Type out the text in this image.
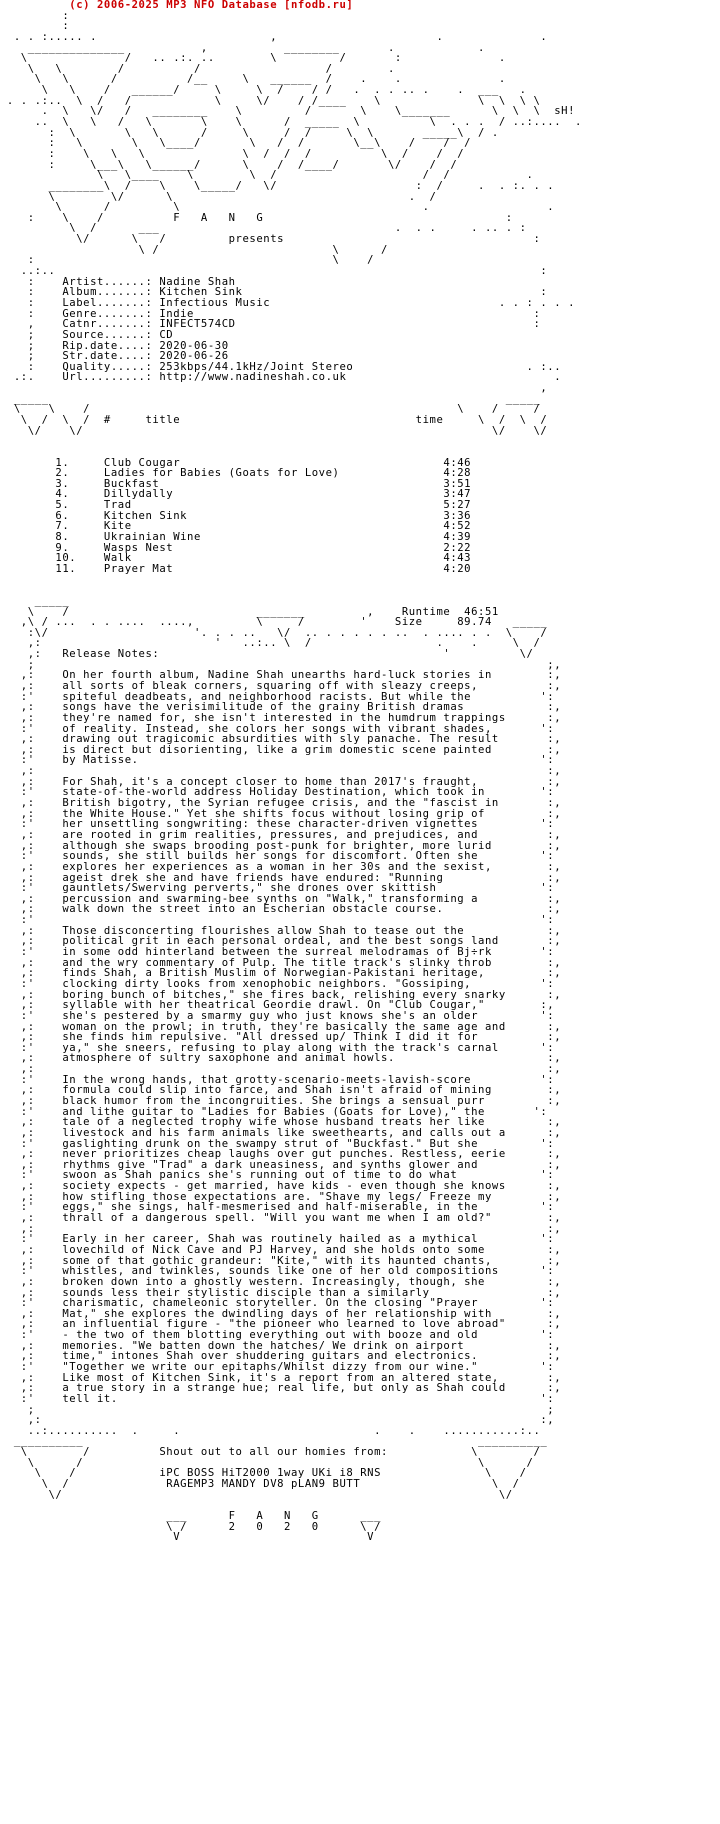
(c) 2006-2025 MP3 NFO Database [nfodb.ru]
:
:
. . :..... .                         ,                       .              .
______________           ,           ________       .            .
\              /   .. .:. ..        \         /       :              .
\   \        /          /                  /        .
\   \      /          /__     \   ______  /    .    .              .
\   \    /   ______/     \     \  /    / /   .  . . .. .    .  ___   .
. . .:..  \  /   /            \     \/    / /____    \              \  \  \ \
.  \   \/   /   ________    \         /       \    \_______      \  \  \  sH!
..  \   \   /   \       \    \      /  _____  \          \  . . .  / ..:....  .
:  \       \   \      /     \     /  /     \  \       _____\  / .
:   \       \   \____/       \   /  /       \__\    /    /  /
:    \   \   \              \  /  /  /          \  /    /  /
:     \___\   \______/      \    /  /____/       \/    /  /
\   \____    \        \  /                     /  /           .
________\  /    \    \_____/   \/                    :  /     .  . :. . .
\        \/      \                                  .  /
\      /         \                                   .                 .
:    \    /          F   A   N   G                                   :
\  /      ___                                  .  . .     . .. . :
\/      \   /         presents                                    :
\ /                         \      /
:                                           \    /
..:..                                                                      :
:    Artist......: Nadine Shah
:    Album.......: Kitchen Sink                                           :
:    Label.......: Infectious Music                                 . . : . . .
:    Genre.......: Indie                                                 :
,    Catnr.......: INFECT574CD                                           :
;    Source......: CD
;    Rip.date....: 2020-06-30
;    Str.date....: 2020-06-26
:    Quality.....: 253kbps/44.1kHz/Joint Stereo                         . :..
.:.    Url.........: http://www.nadineshah.co.uk                              .
,
_____                                                                  _____
\    \    /                                                     \    /     /
\  /  \  /  #     title                                  time     \  /  \  /
\/    \/                                                           \/    \/
1.     Club Cougar                                      4:46
2.     Ladies for Babies (Goats for Love)               4:28
3.     Buckfast                                         3:51
4.     Dillydally                                       3:47
5.     Trad                                             5:27
6.     Kitchen Sink                                     3:36
7.     Kite                                             4:52
8.     Ukrainian Wine                                   4:39
9.     Wasps Nest                                       2:22
10.    Walk                                             4:43
11.    Prayer Mat                                       4:20
_____
\    /                           _______         ,    Runtime  46:51
,\ / ...  . . ....  ....,         \     /        '    Size     89.74   _____
:\/                     '. . . ..   \/  .. . . . . . ..  . .... . .  \    /
,:                         '   ..:.. \  /                  .    .     \  /
,:   Release Notes:                                         '          \/
;                                                                          ;,
,:    On her fourth album, Nadine Shah unearths hard-luck stories in        :,
,:    all sorts of bleak corners, squaring off with sleazy creeps,          :,
:'    spiteful deadbeats, and neighborhood racists. But while the          ':
,:    songs have the verisimilitude of the grainy British dramas            :,
,:    they're named for, she isn't interested in the humdrum trappings      :,
:'    of reality. Instead, she colors her songs with vibrant shades,       ':
,:    drawing out tragicomic absurdities with sly panache. The result       :,
,:    is direct but disorienting, like a grim domestic scene painted        :,
:'    by Matisse.                                                          ':
,:                                                                          :,
,:    For Shah, it's a concept closer to home than 2017's fraught,          :,
:'    state-of-the-world address Holiday Destination, which took in        ':
,:    British bigotry, the Syrian refugee crisis, and the "fascist in       :,
,:    the White House." Yet she shifts focus without losing grip of         :,
:'    her unsettling songwriting: these character-driven vignettes         ':
,:    are rooted in grim realities, pressures, and prejudices, and          :,
,:    although she swaps brooding post-punk for brighter, more lurid        :,
:'    sounds, she still builds her songs for discomfort. Often she         ':
,:    explores her experiences as a woman in her 30s and the sexist,        :,
,:    ageist drek she and have friends have endured: "Running               :,
:'    gauntlets/Swerving perverts," she drones over skittish               ':
,:    percussion and swarming-bee synths on "Walk," transforming a          :,
,:    walk down the street into an Escherian obstacle course.               :,
:'                                                                         ':
,:    Those disconcerting flourishes allow Shah to tease out the            :,
,:    political grit in each personal ordeal, and the best songs land       :,
:'    in some odd hinterland between the surreal melodramas of Bj÷rk       ':
,:    and the wry commentary of Pulp. The title track's slinky throb        :,
,:    finds Shah, a British Muslim of Norwegian-Pakistani heritage,         :,
:'    clocking dirty looks from xenophobic neighbors. "Gossiping,          ':
,:    boring bunch of bitches," she fires back, relishing every snarky      :,
,:    syllable with her theatrical Geordie drawl. On "Club Cougar,"        :,
:'    she's pestered by a smarmy guy who just knows she's an older         ':
,:    woman on the prowl; in truth, they're basically the same age and      :,
,:    she finds him repulsive. "All dressed up/ Think I did it for          :,
:'    ya," she sneers, refusing to play along with the track's carnal      ':
,:    atmosphere of sultry saxophone and animal howls.                      :,
,:                                                                          :,
:'    In the wrong hands, that grotty-scenario-meets-lavish-score          ':
,:    formula could slip into farce, and Shah isn't afraid of mining        :,
,:    black humor from the incongruities. She brings a sensual purr         :,
:'    and lithe guitar to "Ladies for Babies (Goats for Love)," the       ':
,:    tale of a neglected trophy wife whose husband treats her like         :,
,:    livestock and his farm animals like sweethearts, and calls out a      :,
:'    gaslighting drunk on the swampy strut of "Buckfast." But she         ':
,:    never prioritizes cheap laughs over gut punches. Restless, eerie      :,
,:    rhythms give "Trad" a dark uneasiness, and synths glower and          :,
:'    swoon as Shah panics she's running out of time to do what            ':
,:    society expects - get married, have kids - even though she knows      :,
,:    how stifling those expectations are. "Shave my legs/ Freeze my        :,
:'    eggs," she sings, half-mesmerised and half-miserable, in the         ':
,:    thrall of a dangerous spell. "Will you want me when I am old?"        :,
,:                                                                          :,
:'    Early in her career, Shah was routinely hailed as a mythical         ':
,:    lovechild of Nick Cave and PJ Harvey, and she holds onto some         :,
,:    some of that gothic grandeur: "Kite," with its haunted chants,        :,
:'    whistles, and twinkles, sounds like one of her old compositions      ':
,:    broken down into a ghostly western. Increasingly, though, she         :,
,:    sounds less their stylistic disciple than a similarly                 :,
:'    charismatic, chameleonic storyteller. On the closing "Prayer         ':
,:    Mat," she explores the dwindling days of her relationship with        :,
,:    an influential figure - "the pioneer who learned to love abroad"      :,
:'    - the two of them blotting everything out with booze and old         ':
,:    memories. "We batten down the hatches/ We drink on airport            :,
,:    time," intones Shah over shuddering guitars and electronics.          :,
:'    "Together we write our epitaphs/Whilst dizzy from our wine."         ':
,:    Like most of Kitchen Sink, it's a report from an altered state,       :,
,:    a true story in a strange hue; real life, but only as Shah could      :,
:'    tell it.                                                             ':
;                                                                          ;
,:                                                                        :,
..:..........  .     .                            .    .    ...........:..
__________                                                         __________
\        /          Shout out to all our homies from:            \        /
\      /                                                         \      /
\    /            iPC BOSS HiT2000 1way UKi i8 RNS               \    /
\  /              RAGEMP3 MANDY DV8 pLAN9 BUTT                   \  /
\/                                                               \/
___      F   A   N   G      ___
\ /      2   0   2   0      \ /
V                           V
